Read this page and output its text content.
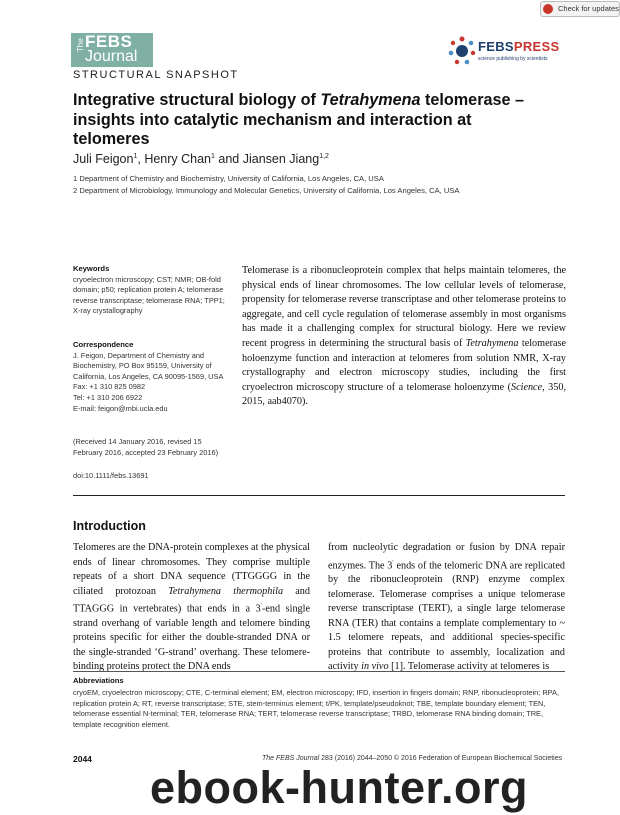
Check for updates
The FEBS
Journal
STRUCTURAL SNAPSHOT
FEBSPRESS
science publishing by scientists
Integrative structural biology of Tetrahymena telomerase – insights into catalytic mechanism and interaction at telomeres
Juli Feigon$^1$, Henry Chan$^1$ and Jiansen Jiang$^{1,2}$
1 Department of Chemistry and Biochemistry, University of California, Los Angeles, CA, USA
2 Department of Microbiology, Immunology and Molecular Genetics, University of California, Los Angeles, CA, USA
Keywords
cryoelectron microscopy; CST; NMR; OB-fold domain; p50; replication protein A; telomerase reverse transcriptase; telomerase RNA; TPP1; X-ray crystallography
Correspondence
J. Feigon, Department of Chemistry and Biochemistry, PO Box 95159, University of California, Los Angeles, CA 90095-1569, USA
Fax: +1 310 825 0982
Tel: +1 310 206 6922
E-mail: feigon@mbi.ucla.edu
(Received 14 January 2016, revised 15 February 2016, accepted 23 February 2016)
doi:10.1111/febs.13691
Telomerase is a ribonucleoprotein complex that helps maintain telomeres, the physical ends of linear chromosomes. The low cellular levels of telomerase, propensity for telomerase reverse transcriptase and other telomerase proteins to aggregate, and cell cycle regulation of telomerase assembly in most organisms has made it a challenging complex for structural biology. Here we review recent progress in determining the structural basis of Tetrahymena telomerase holoenzyme function and interaction at telomeres from solution NMR, X-ray crystallography and electron microscopy studies, including the first cryoelectron microscopy structure of a telomerase holoenzyme (Science, 350, 2015, aab4070).
Introduction
Telomeres are the DNA-protein complexes at the physical ends of linear chromosomes. They comprise multiple repeats of a short DNA sequence (TTGGGG in the ciliated protozoan Tetrahymena thermophila and TTAGGG in vertebrates) that ends in a 3′-end single strand overhang of variable length and telomere binding proteins specific for either the double-stranded DNA or the single-stranded ‘G-strand’ overhang. These telomere-binding proteins protect the DNA ends
from nucleolytic degradation or fusion by DNA repair enzymes. The 3′ ends of the telomeric DNA are replicated by the ribonucleoprotein (RNP) enzyme complex telomerase. Telomerase comprises a unique telomerase reverse transcriptase (TERT), a single large telomerase RNA (TER) that contains a template complementary to ~ 1.5 telomere repeats, and additional species-specific proteins that contribute to assembly, localization and activity in vivo [1]. Telomerase activity at telomeres is
Abbreviations
cryoEM, cryoelectron microscopy; CTE, C-terminal element; EM, electron microscopy; IFD, insertion in fingers domain; RNP, ribonucleoprotein; RPA, replication protein A; RT, reverse transcriptase; STE, stem-terminus element; t/PK, template/pseudoknot; TBE, template boundary element; TEN, telomerase essential N-terminal; TER, telomerase RNA; TERT, telomerase reverse transcriptase; TRBD, telomerase RNA binding domain; TRE, template recognition element.
2044	The FEBS Journal 283 (2016) 2044–2050 © 2016 Federation of European Biochemical Societies
ebook-hunter.org
